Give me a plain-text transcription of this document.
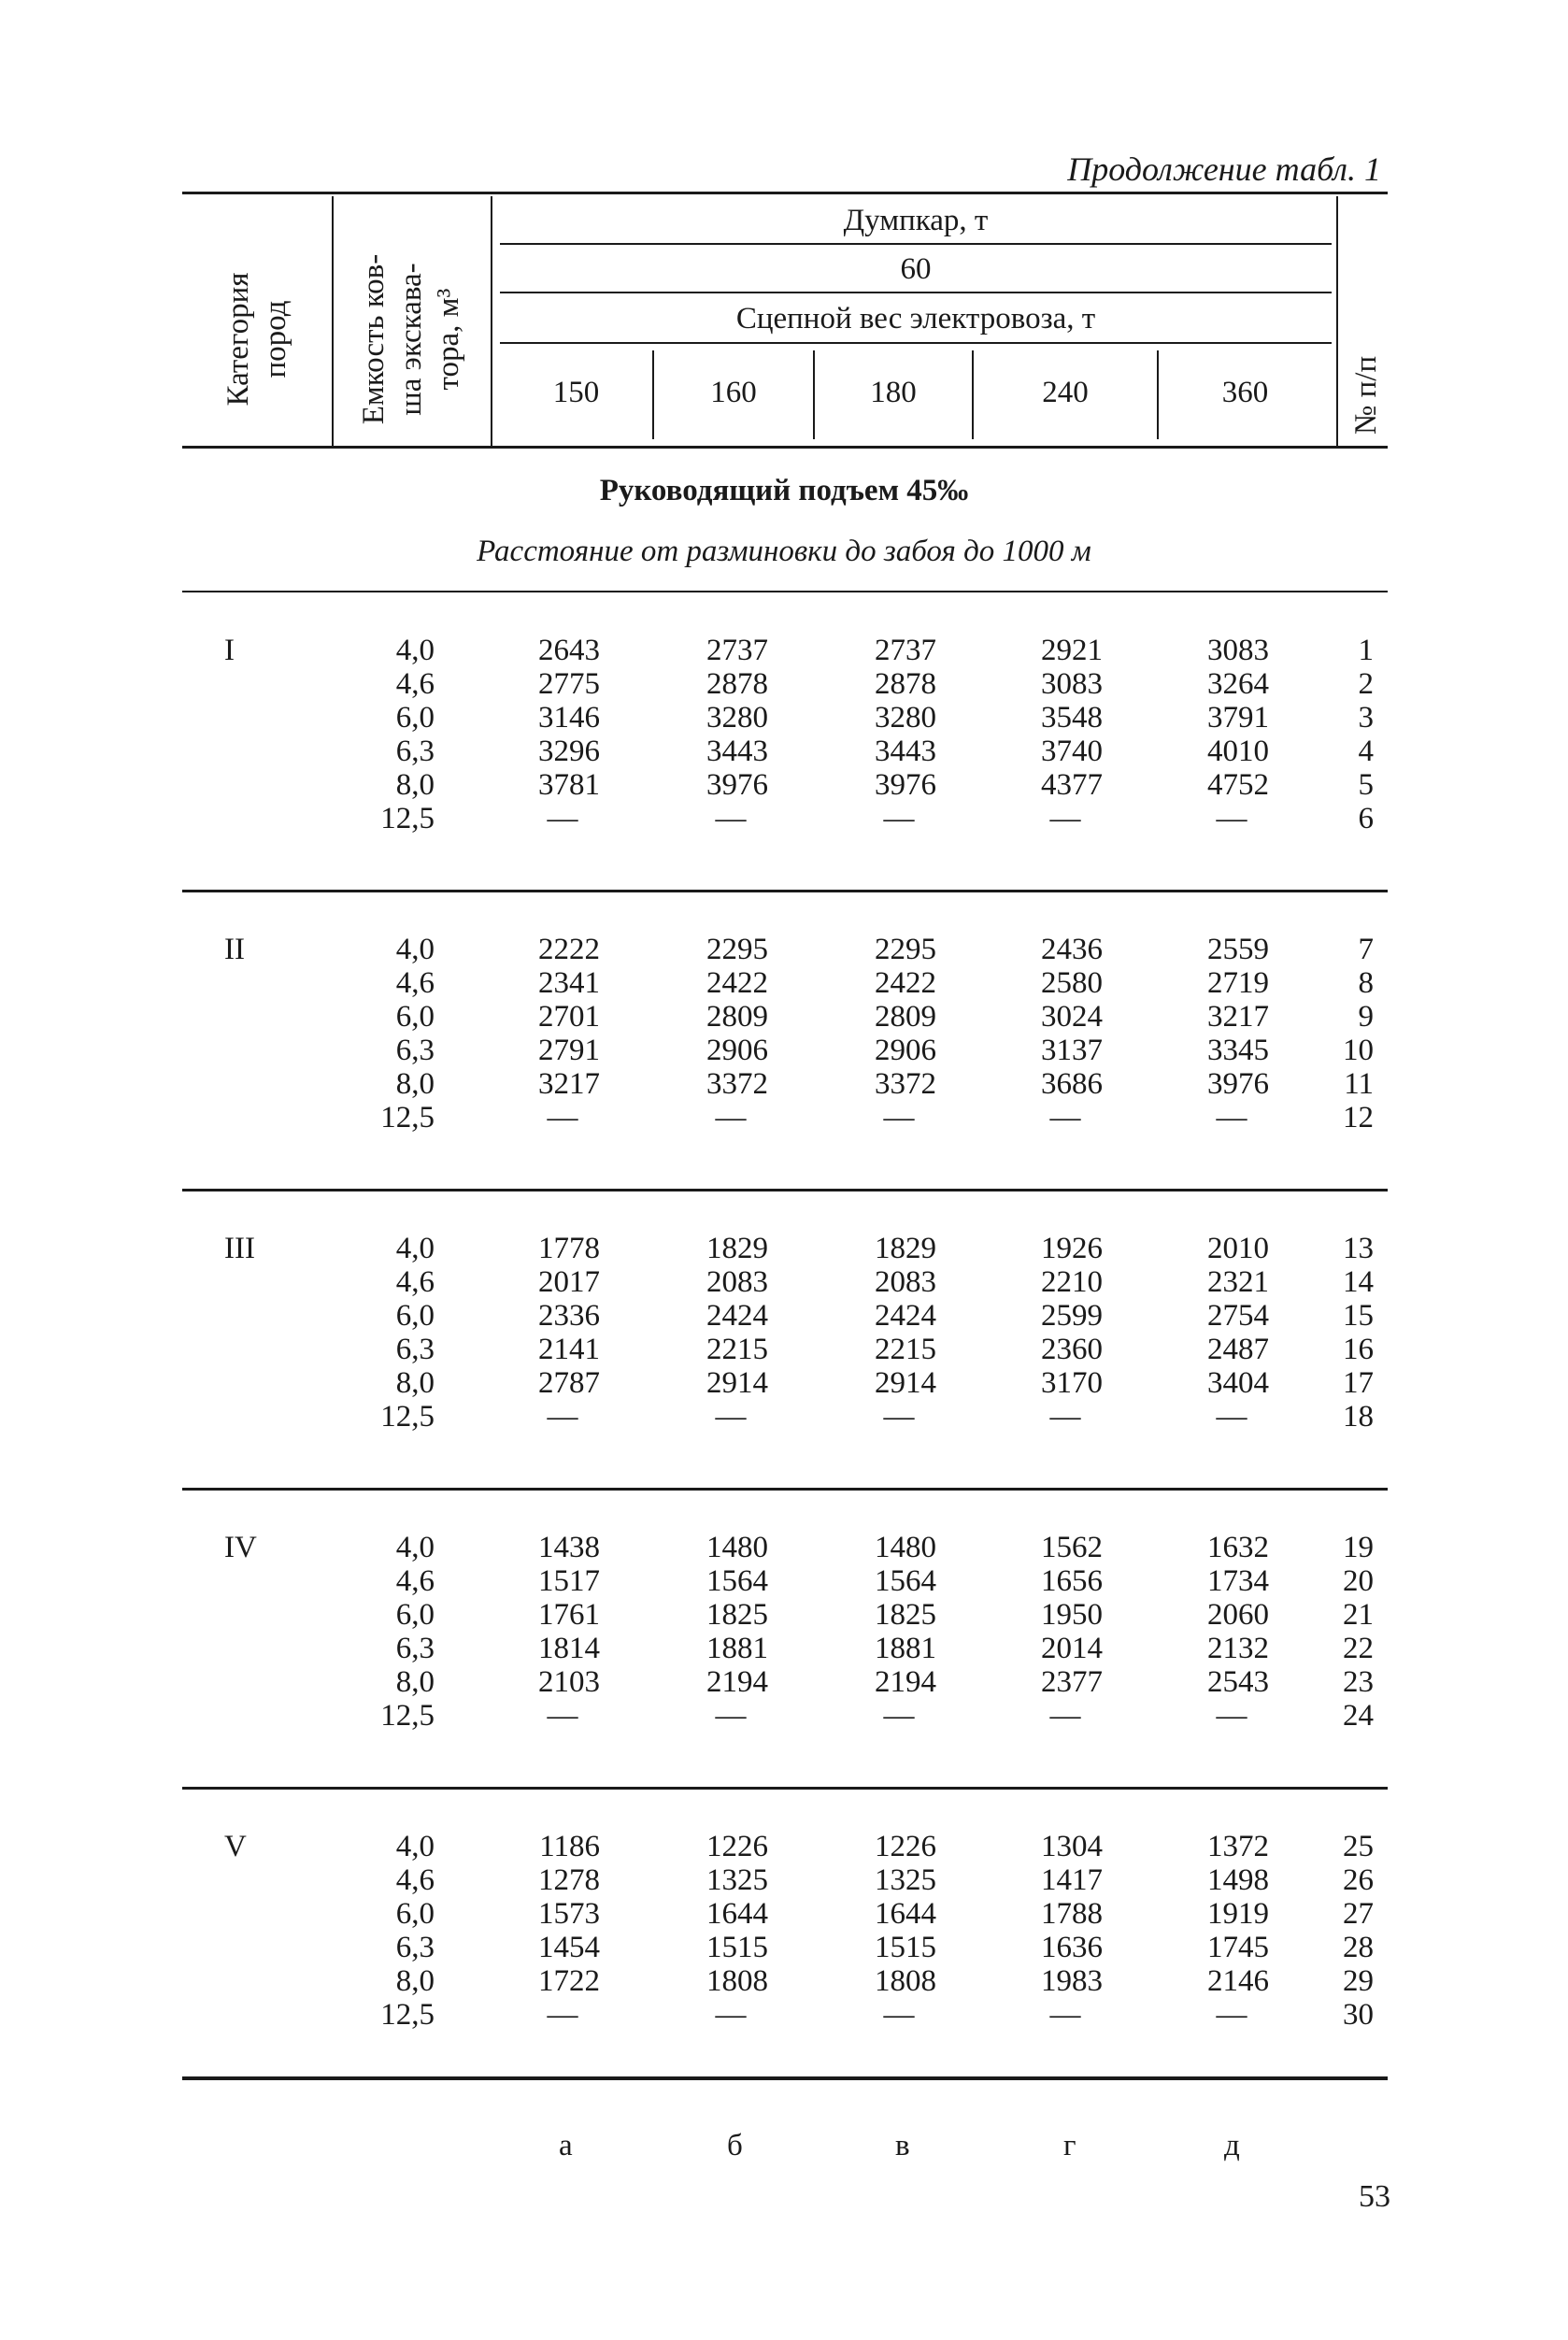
Продолжение табл. 1
Категория пород Емкость ков- ша экскава- тора, м³
№ п/п
Думпкар, т
60
Сцепной вес электровоза, т
150	160	180	240	360
Руководящий подъем 45‰
Расстояние от разминовки до забоя до 1000 м
I	4,0	2643	2737	2737	2921	3083	1
4,6	2775	2878	2878	3083	3264	2
6,0	3146	3280	3280	3548	3791	3
6,3	3296	3443	3443	3740	4010	4
8,0	3781	3976	3976	4377	4752	5
12,5	—	—	—	—	—	6
II	4,0	2222	2295	2295	2436	2559	7
4,6	2341	2422	2422	2580	2719	8
6,0	2701	2809	2809	3024	3217	9
6,3	2791	2906	2906	3137	3345	10
8,0	3217	3372	3372	3686	3976	11
12,5	—	—	—	—	—	12
III	4,0	1778	1829	1829	1926	2010	13
4,6	2017	2083	2083	2210	2321	14
6,0	2336	2424	2424	2599	2754	15
6,3	2141	2215	2215	2360	2487	16
8,0	2787	2914	2914	3170	3404	17
12,5	—	—	—	—	—	18
IV	4,0	1438	1480	1480	1562	1632	19
4,6	1517	1564	1564	1656	1734	20
6,0	1761	1825	1825	1950	2060	21
6,3	1814	1881	1881	2014	2132	22
8,0	2103	2194	2194	2377	2543	23
12,5	—	—	—	—	—	24
V	4,0	1186	1226	1226	1304	1372	25
4,6	1278	1325	1325	1417	1498	26
6,0	1573	1644	1644	1788	1919	27
6,3	1454	1515	1515	1636	1745	28
8,0	1722	1808	1808	1983	2146	29
12,5	—	—	—	—	—	30
а	б	в	г	д
53
